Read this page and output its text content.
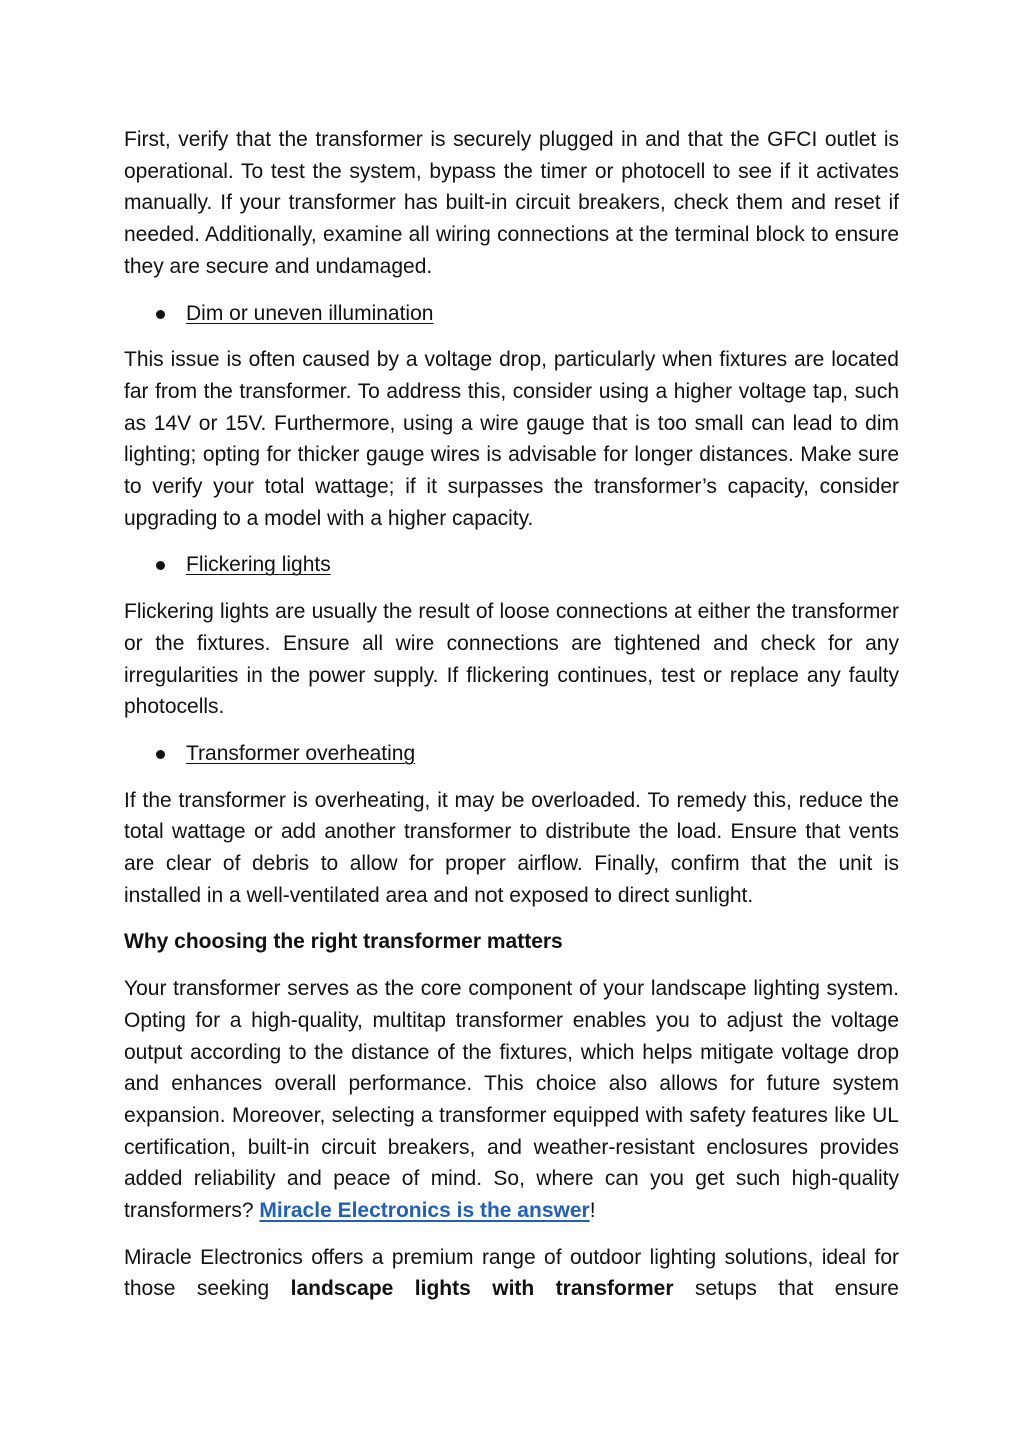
First, verify that the transformer is securely plugged in and that the GFCI outlet is operational. To test the system, bypass the timer or photocell to see if it activates manually. If your transformer has built-in circuit breakers, check them and reset if needed. Additionally, examine all wiring connections at the terminal block to ensure they are secure and undamaged.

Dim or uneven illumination

This issue is often caused by a voltage drop, particularly when fixtures are located far from the transformer. To address this, consider using a higher voltage tap, such as 14V or 15V. Furthermore, using a wire gauge that is too small can lead to dim lighting; opting for thicker gauge wires is advisable for longer distances. Make sure to verify your total wattage; if it surpasses the transformer’s capacity, consider upgrading to a model with a higher capacity.

Flickering lights

Flickering lights are usually the result of loose connections at either the transformer or the fixtures. Ensure all wire connections are tightened and check for any irregularities in the power supply. If flickering continues, test or replace any faulty photocells.

Transformer overheating

If the transformer is overheating, it may be overloaded. To remedy this, reduce the total wattage or add another transformer to distribute the load. Ensure that vents are clear of debris to allow for proper airflow. Finally, confirm that the unit is installed in a well-ventilated area and not exposed to direct sunlight.

Why choosing the right transformer matters

Your transformer serves as the core component of your landscape lighting system. Opting for a high-quality, multitap transformer enables you to adjust the voltage output according to the distance of the fixtures, which helps mitigate voltage drop and enhances overall performance. This choice also allows for future system expansion. Moreover, selecting a transformer equipped with safety features like UL certification, built-in circuit breakers, and weather-resistant enclosures provides added reliability and peace of mind. So, where can you get such high-quality transformers? Miracle Electronics is the answer!

Miracle Electronics offers a premium range of outdoor lighting solutions, ideal for those seeking landscape lights with transformer setups that ensure
